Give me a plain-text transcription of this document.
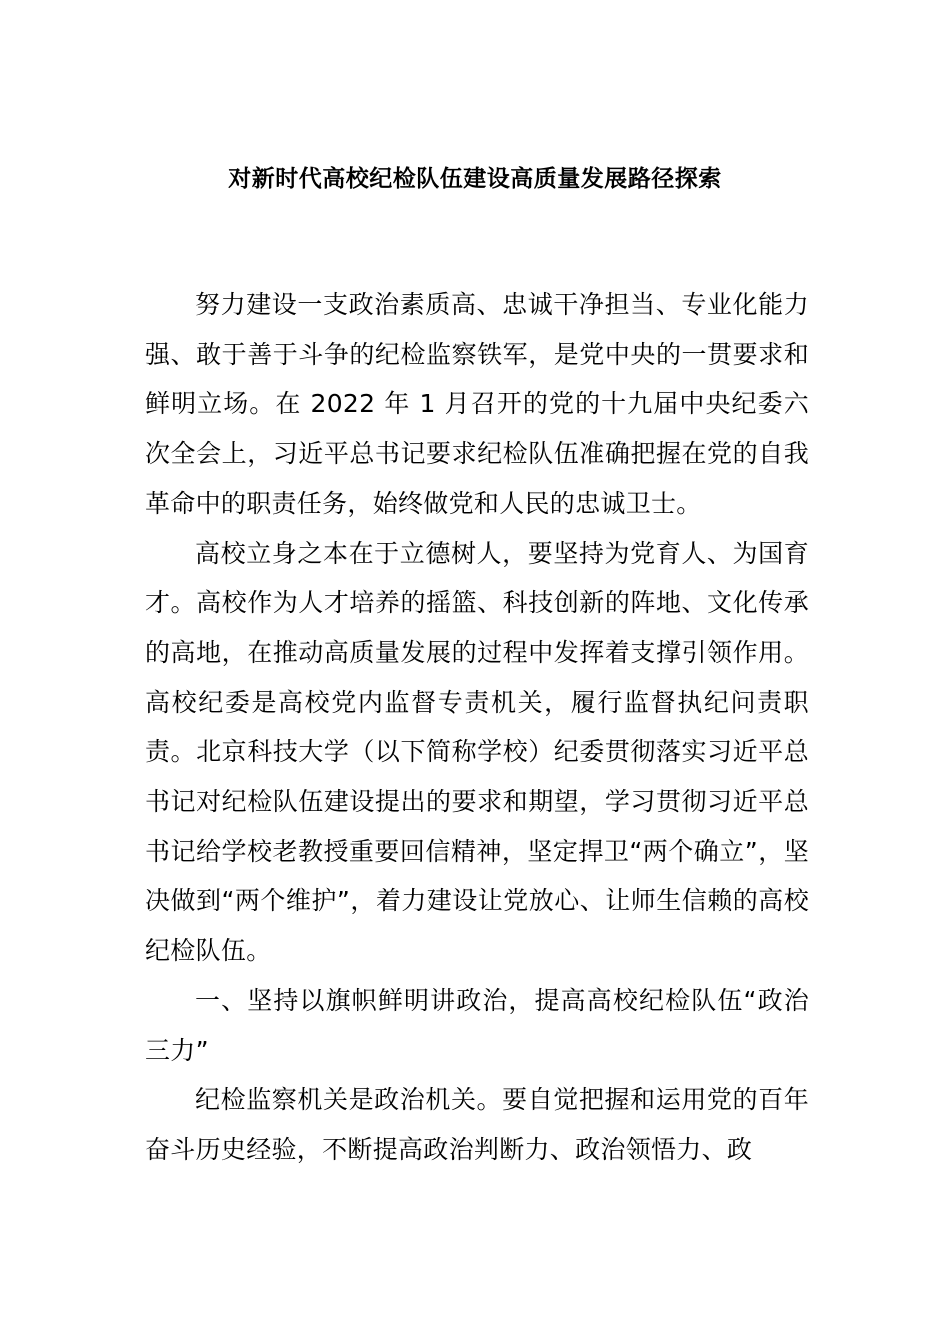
对新时代高校纪检队伍建设高质量发展路径探索

努力建设一支政治素质高、忠诚干净担当、专业化能力强、敢于善于斗争的纪检监察铁军，是党中央的一贯要求和鲜明立场。在 2022 年 1 月召开的党的十九届中央纪委六次全会上，习近平总书记要求纪检队伍准确把握在党的自我革命中的职责任务，始终做党和人民的忠诚卫士。

高校立身之本在于立德树人，要坚持为党育人、为国育才。高校作为人才培养的摇篮、科技创新的阵地、文化传承的高地，在推动高质量发展的过程中发挥着支撑引领作用。高校纪委是高校党内监督专责机关，履行监督执纪问责职责。北京科技大学（以下简称学校）纪委贯彻落实习近平总书记对纪检队伍建设提出的要求和期望，学习贯彻习近平总书记给学校老教授重要回信精神，坚定捍卫“两个确立”，坚决做到“两个维护”，着力建设让党放心、让师生信赖的高校纪检队伍。

一、坚持以旗帜鲜明讲政治，提高高校纪检队伍“政治三力”

纪检监察机关是政治机关。要自觉把握和运用党的百年奋斗历史经验，不断提高政治判断力、政治领悟力、政
